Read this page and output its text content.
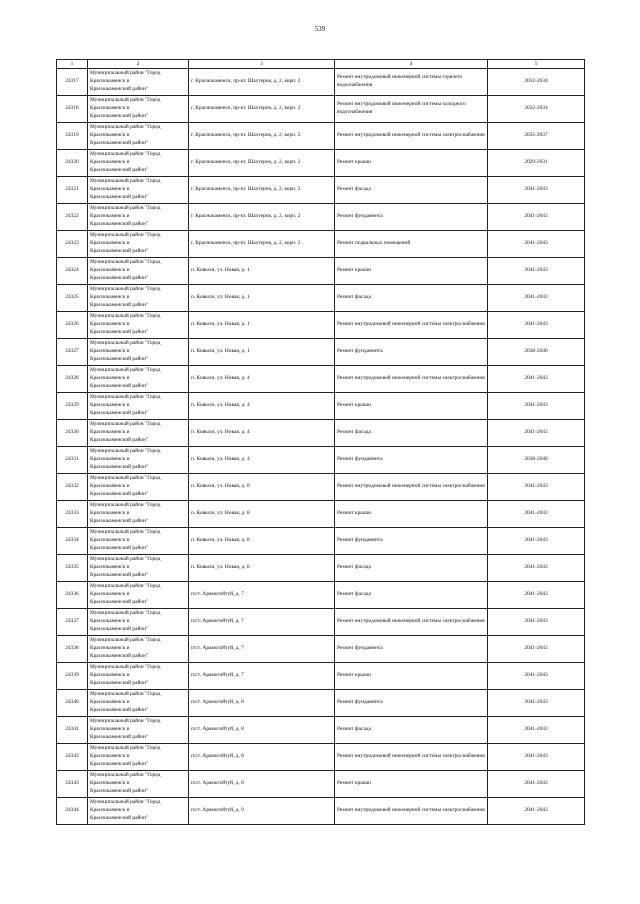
539
1	2	3	4	5
24317	Муниципальный район "Город
Краснокаменск и
Краснокаменский район"	г. Краснокаменск, пр-кт. Шахтеров, д. 2, корп. 2	Ремонт внутридомовой инженерной системы горячего водоснабжения	2032-2034
24318	Муниципальный район "Город
Краснокаменск и
Краснокаменский район"	г. Краснокаменск, пр-кт. Шахтеров, д. 2, корп. 2	Ремонт внутридомовой инженерной системы холодного водоснабжения	2032-2034
24319	Муниципальный район "Город
Краснокаменск и
Краснокаменский район"	г. Краснокаменск, пр-кт. Шахтеров, д. 2, корп. 2	Ремонт внутридомовой инженерной системы электроснабжения	2035-2037
24320	Муниципальный район "Город
Краснокаменск и
Краснокаменский район"	г. Краснокаменск, пр-кт. Шахтеров, д. 2, корп. 2	Ремонт крыши	2029-2031
24321	Муниципальный район "Город
Краснокаменск и
Краснокаменский район"	г. Краснокаменск, пр-кт. Шахтеров, д. 2, корп. 2	Ремонт фасада	2041-2043
24322	Муниципальный район "Город
Краснокаменск и
Краснокаменский район"	г. Краснокаменск, пр-кт. Шахтеров, д. 2, корп. 2	Ремонт фундамента	2041-2043
24323	Муниципальный район "Город
Краснокаменск и
Краснокаменский район"	г. Краснокаменск, пр-кт. Шахтеров, д. 2, корп. 2	Ремонт подвальных помещений	2041-2043
24324	Муниципальный район "Город
Краснокаменск и
Краснокаменский район"	п. Ковыли, ул. Новая, д. 1	Ремонт крыши	2041-2043
24325	Муниципальный район "Город
Краснокаменск и
Краснокаменский район"	п. Ковыли, ул. Новая, д. 1	Ремонт фасада	2041-2043
24326	Муниципальный район "Город
Краснокаменск и
Краснокаменский район"	п. Ковыли, ул. Новая, д. 1	Ремонт внутридомовой инженерной системы электроснабжения	2041-2043
24327	Муниципальный район "Город
Краснокаменск и
Краснокаменский район"	п. Ковыли, ул. Новая, д. 1	Ремонт фундамента	2038-2040
24328	Муниципальный район "Город
Краснокаменск и
Краснокаменский район"	п. Ковыли, ул. Новая, д. 4	Ремонт внутридомовой инженерной системы электроснабжения	2041-2043
24329	Муниципальный район "Город
Краснокаменск и
Краснокаменский район"	п. Ковыли, ул. Новая, д. 4	Ремонт крыши	2041-2043
24330	Муниципальный район "Город
Краснокаменск и
Краснокаменский район"	п. Ковыли, ул. Новая, д. 4	Ремонт фасада	2041-2043
24331	Муниципальный район "Город
Краснокаменск и
Краснокаменский район"	п. Ковыли, ул. Новая, д. 4	Ремонт фундамента	2038-2040
24332	Муниципальный район "Город
Краснокаменск и
Краснокаменский район"	п. Ковыли, ул. Новая, д. 8	Ремонт внутридомовой инженерной системы электроснабжения	2041-2043
24333	Муниципальный район "Город
Краснокаменск и
Краснокаменский район"	п. Ковыли, ул. Новая, д. 8	Ремонт крыши	2041-2043
24334	Муниципальный район "Город
Краснокаменск и
Краснокаменский район"	п. Ковыли, ул. Новая, д. 8	Ремонт фундамента	2041-2043
24335	Муниципальный район "Город
Краснокаменск и
Краснокаменский район"	п. Ковыли, ул. Новая, д. 8	Ремонт фасада	2041-2043
24336	Муниципальный район "Город
Краснокаменск и
Краснокаменский район"	п/ст. Арамогойтуй, д. 7	Ремонт фасада	2041-2043
24337	Муниципальный район "Город
Краснокаменск и
Краснокаменский район"	п/ст. Арамогойтуй, д. 7	Ремонт внутридомовой инженерной системы электроснабжения	2041-2043
24338	Муниципальный район "Город
Краснокаменск и
Краснокаменский район"	п/ст. Арамогойтуй, д. 7	Ремонт фундамента	2041-2043
24339	Муниципальный район "Город
Краснокаменск и
Краснокаменский район"	п/ст. Арамогойтуй, д. 7	Ремонт крыши	2041-2043
24340	Муниципальный район "Город
Краснокаменск и
Краснокаменский район"	п/ст. Арамогойтуй, д. 8	Ремонт фундамента	2041-2043
24341	Муниципальный район "Город
Краснокаменск и
Краснокаменский район"	п/ст. Арамогойтуй, д. 8	Ремонт фасада	2041-2043
24342	Муниципальный район "Город
Краснокаменск и
Краснокаменский район"	п/ст. Арамогойтуй, д. 8	Ремонт внутридомовой инженерной системы электроснабжения	2041-2043
24343	Муниципальный район "Город
Краснокаменск и
Краснокаменский район"	п/ст. Арамогойтуй, д. 8	Ремонт крыши	2041-2043
24344	Муниципальный район "Город
Краснокаменск и
Краснокаменский район"	п/ст. Арамогойтуй, д. 9	Ремонт внутридомовой инженерной системы электроснабжения	2041-2043
